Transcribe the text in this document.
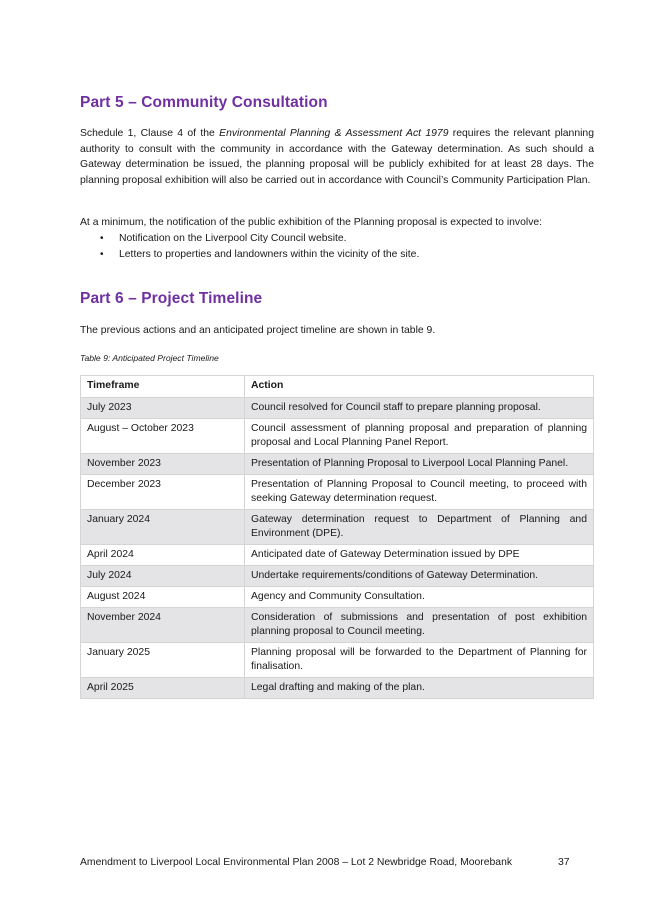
Part 5 – Community Consultation

Schedule 1, Clause 4 of the Environmental Planning & Assessment Act 1979 requires the relevant planning authority to consult with the community in accordance with the Gateway determination. As such should a Gateway determination be issued, the planning proposal will be publicly exhibited for at least 28 days. The planning proposal exhibition will also be carried out in accordance with Council’s Community Participation Plan.

At a minimum, the notification of the public exhibition of the Planning proposal is expected to involve:

• Notification on the Liverpool City Council website.
• Letters to properties and landowners within the vicinity of the site.
Part 6 – Project Timeline

The previous actions and an anticipated project timeline are shown in table 9.

Table 9: Anticipated Project Timeline
Timeframe	Action
July 2023	Council resolved for Council staff to prepare planning proposal.
August – October 2023	Council assessment of planning proposal and preparation of planning proposal and Local Planning Panel Report.
November 2023	Presentation of Planning Proposal to Liverpool Local Planning Panel.
December 2023	Presentation of Planning Proposal to Council meeting, to proceed with seeking Gateway determination request.
January 2024	Gateway determination request to Department of Planning and Environment (DPE).
April 2024	Anticipated date of Gateway Determination issued by DPE
July 2024	Undertake requirements/conditions of Gateway Determination.
August 2024	Agency and Community Consultation.
November 2024	Consideration of submissions and presentation of post exhibition planning proposal to Council meeting.
January 2025	Planning proposal will be forwarded to the Department of Planning for finalisation.
April 2025	Legal drafting and making of the plan.
Amendment to Liverpool Local Environmental Plan 2008 – Lot 2 Newbridge Road, Moorebank	37
